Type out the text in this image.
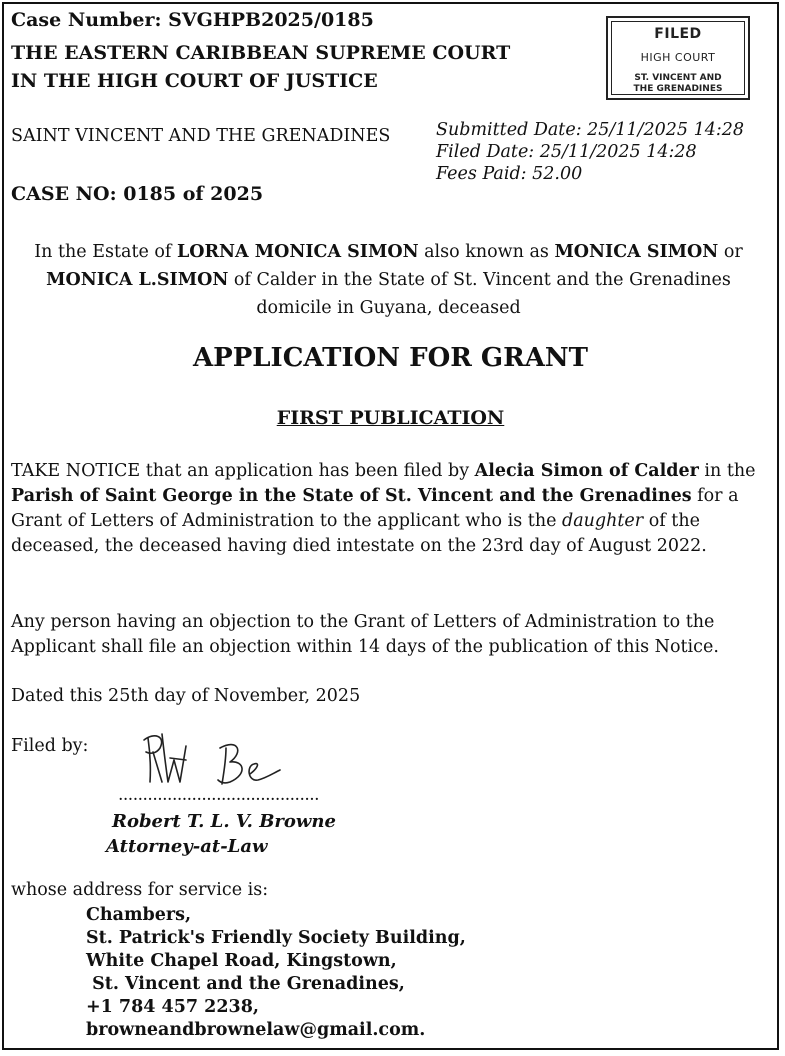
Case Number: SVGHPB2025/0185
THE EASTERN CARIBBEAN SUPREME COURT
IN THE HIGH COURT OF JUSTICE
FILED
HIGH COURT
ST. VINCENT AND
THE GRENADINES
SAINT VINCENT AND THE GRENADINES
CASE NO: 0185 of 2025
Submitted Date: 25/11/2025 14:28
Filed Date: 25/11/2025 14:28
Fees Paid: 52.00
In the Estate of LORNA MONICA SIMON also known as MONICA SIMON or MONICA L.SIMON of Calder in the State of St. Vincent and the Grenadines domicile in Guyana, deceased
APPLICATION FOR GRANT
FIRST PUBLICATION
TAKE NOTICE that an application has been filed by Alecia Simon of Calder in the Parish of Saint George in the State of St. Vincent and the Grenadines for a Grant of Letters of Administration to the applicant who is the daughter of the deceased, the deceased having died intestate on the 23rd day of August 2022.
Any person having an objection to the Grant of Letters of Administration to the Applicant shall file an objection within 14 days of the publication of this Notice.
Dated this 25th day of November, 2025
Filed by:
.........................................
Robert T. L. V. Browne
Attorney-at-Law
whose address for service is:
Chambers,
St. Patrick's Friendly Society Building,
White Chapel Road, Kingstown,
St. Vincent and the Grenadines,
+1 784 457 2238,
browneandbrownelaw@gmail.com.
